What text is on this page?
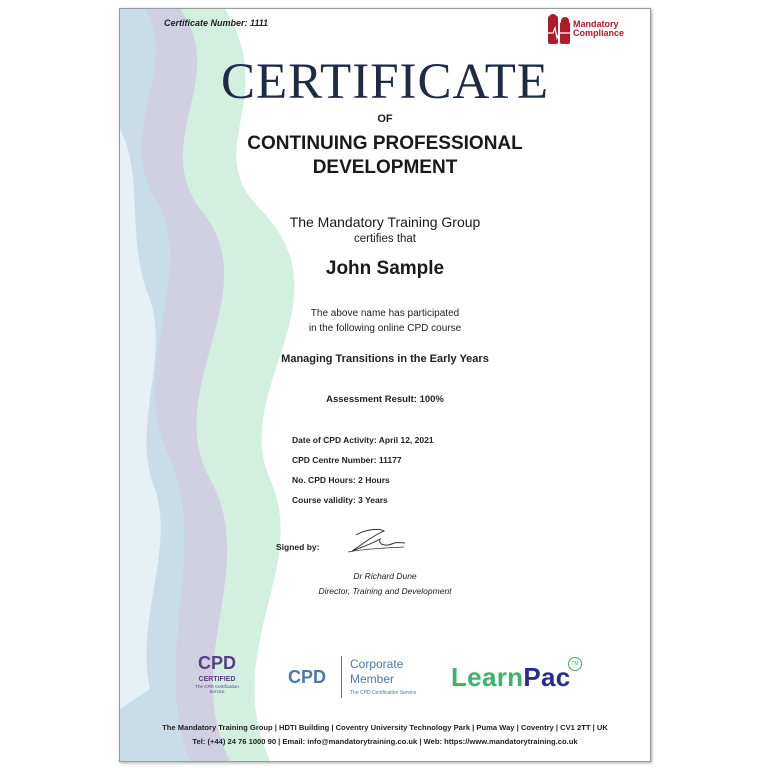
Certificate Number: 1111	Mandatory
Compliance
CERTIFICATE
OF
CONTINUING PROFESSIONAL
DEVELOPMENT
The Mandatory Training Group
certifies that
John Sample
The above name has participated
in the following online CPD course
Managing Transitions in the Early Years
Assessment Result: 100%
Date of CPD Activity: April 12, 2021
CPD Centre Number: 11177
No. CPD Hours: 2 Hours
Course validity: 3 Years
Signed by:
Dr Richard Dune
Director, Training and Development
CPD
CERTIFIED
The CPD Certification Service
CPD
Corporate
Member
The CPD Certification Service
LearnPac TM
The Mandatory Training Group | HDTI Building | Coventry University Technology Park | Puma Way | Coventry | CV1 2TT | UK
Tel: (+44) 24 76 1000 90 | Email: info@mandatorytraining.co.uk | Web: https://www.mandatorytraining.co.uk
